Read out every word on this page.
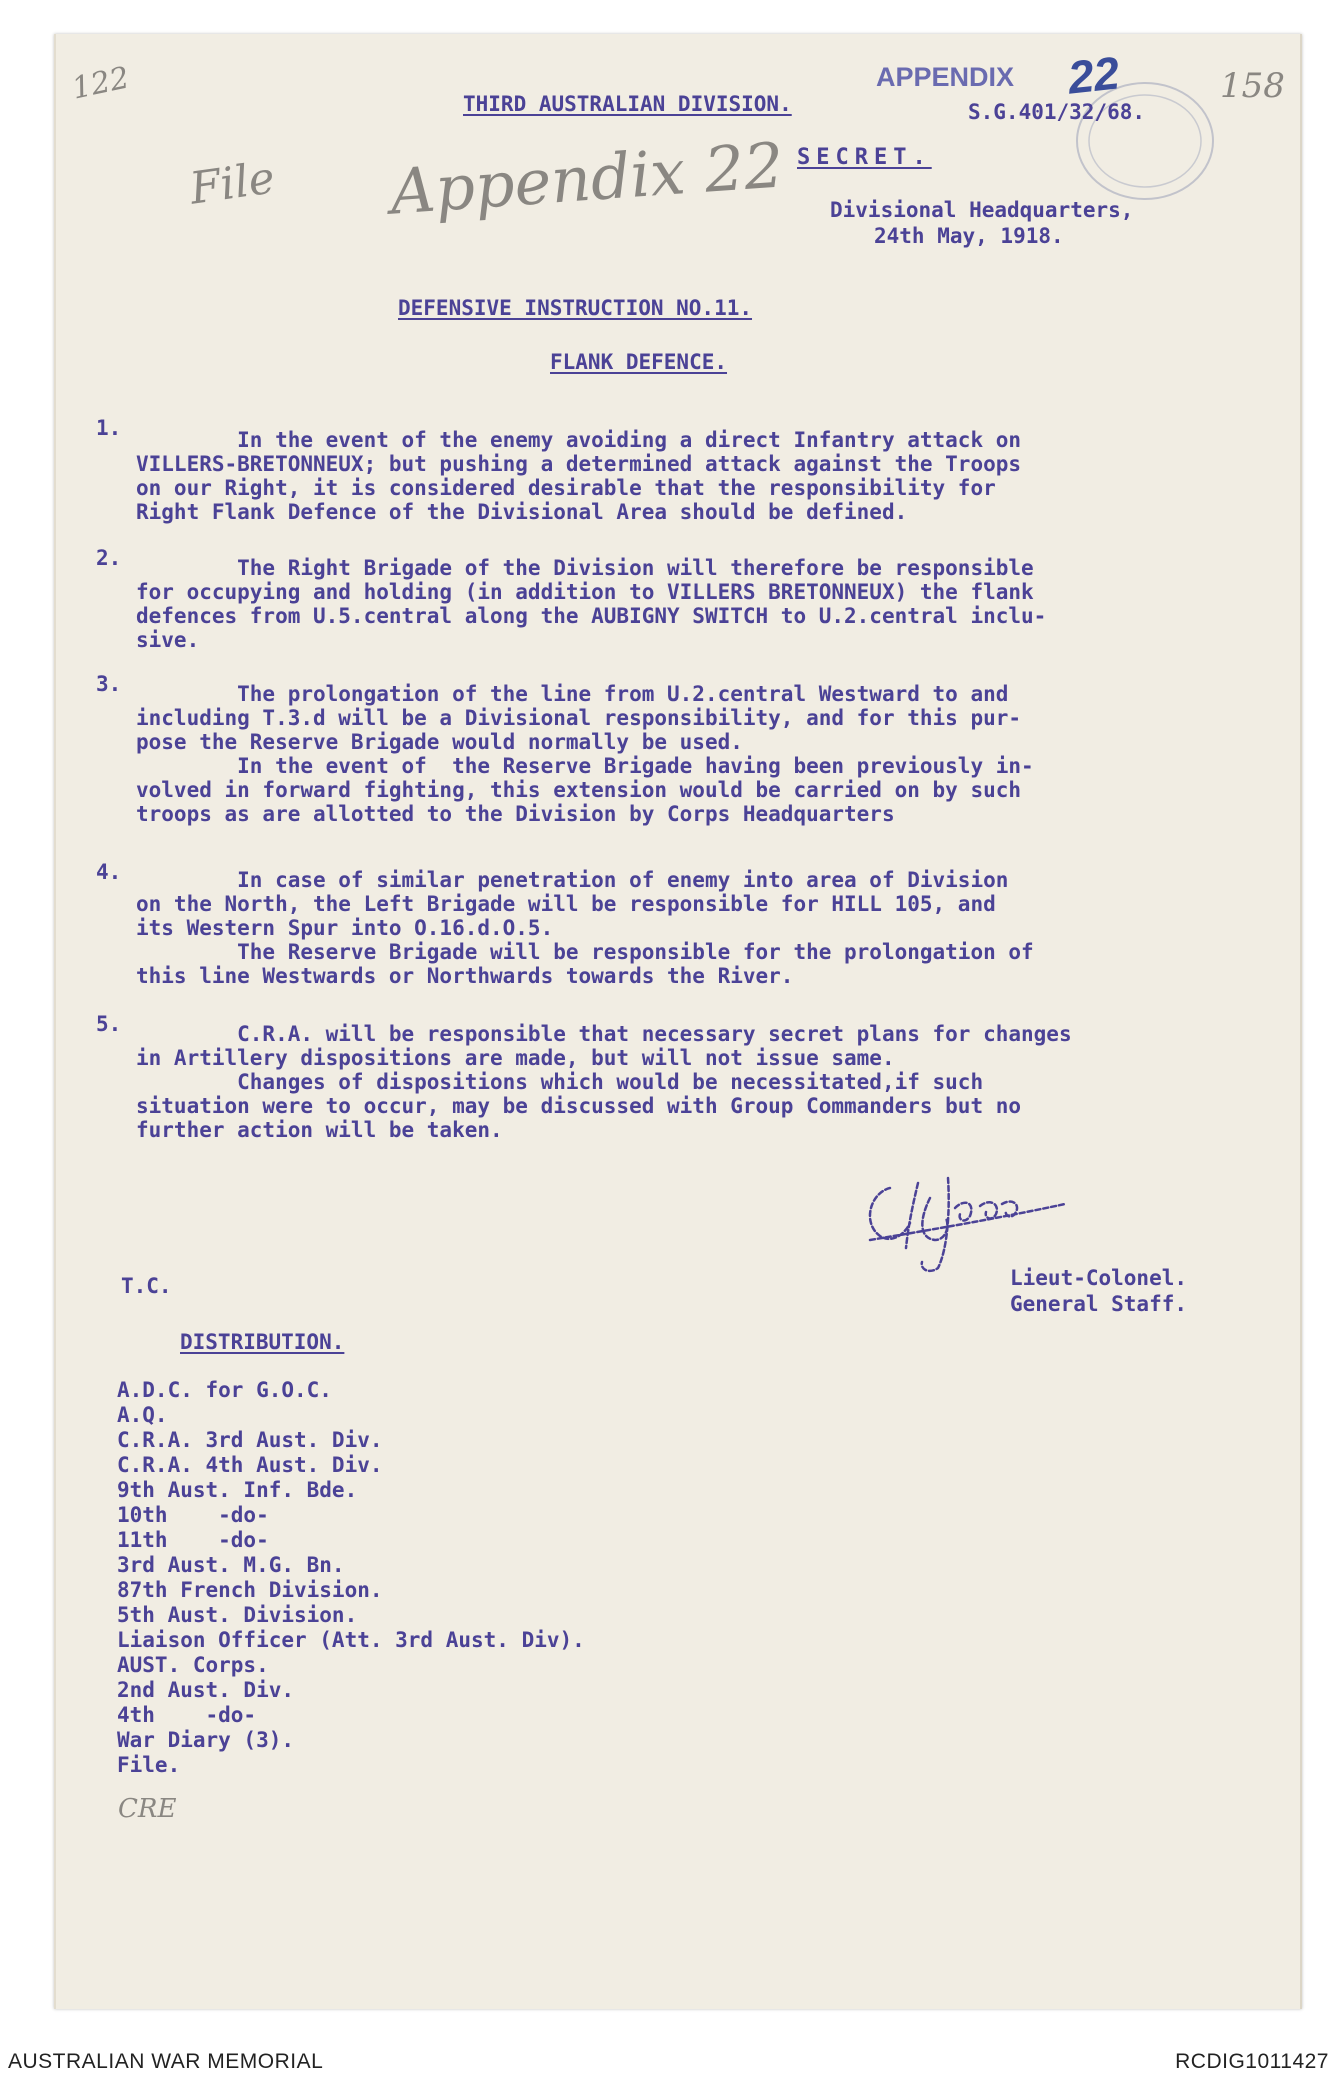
122	158
File Appendix 22
APPENDIX 22
THIRD AUSTRALIAN DIVISION.	S.G.401/32/68.
SECRET.
Divisional Headquarters,
24th May, 1918.
DEFENSIVE INSTRUCTION NO.11.
FLANK DEFENCE.
1. In the event of the enemy avoiding a direct Infantry attack on
VILLERS-BRETONNEUX; but pushing a determined attack against the Troops
on our Right, it is considered desirable that the responsibility for
Right Flank Defence of the Divisional Area should be defined.
2. The Right Brigade of the Division will therefore be responsible
for occupying and holding (in addition to VILLERS BRETONNEUX) the flank
defences from U.5.central along the AUBIGNY SWITCH to U.2.central inclu-
sive.
3. The prolongation of the line from U.2.central Westward to and
including T.3.d will be a Divisional responsibility, and for this pur-
pose the Reserve Brigade would normally be used.
In the event of  the Reserve Brigade having been previously in-
volved in forward fighting, this extension would be carried on by such
troops as are allotted to the Division by Corps Headquarters
4. In case of similar penetration of enemy into area of Division
on the North, the Left Brigade will be responsible for HILL 105, and
its Western Spur into O.16.d.O.5.
The Reserve Brigade will be responsible for the prolongation of
this line Westwards or Northwards towards the River.
5. C.R.A. will be responsible that necessary secret plans for changes
in Artillery dispositions are made, but will not issue same.
Changes of dispositions which would be necessitated,if such
situation were to occur, may be discussed with Group Commanders but no
further action will be taken.
T.C.	Lieut-Colonel.
General Staff.
DISTRIBUTION.
A.D.C. for G.O.C.
A.Q.
C.R.A. 3rd Aust. Div.
C.R.A. 4th Aust. Div.
9th Aust. Inf. Bde.
10th    -do-
11th    -do-
3rd Aust. M.G. Bn.
87th French Division.
5th Aust. Division.
Liaison Officer (Att. 3rd Aust. Div).
AUST. Corps.
2nd Aust. Div.
4th    -do-
War Diary (3).
File.
CRE
AUSTRALIAN WAR MEMORIAL	RCDIG1011427
